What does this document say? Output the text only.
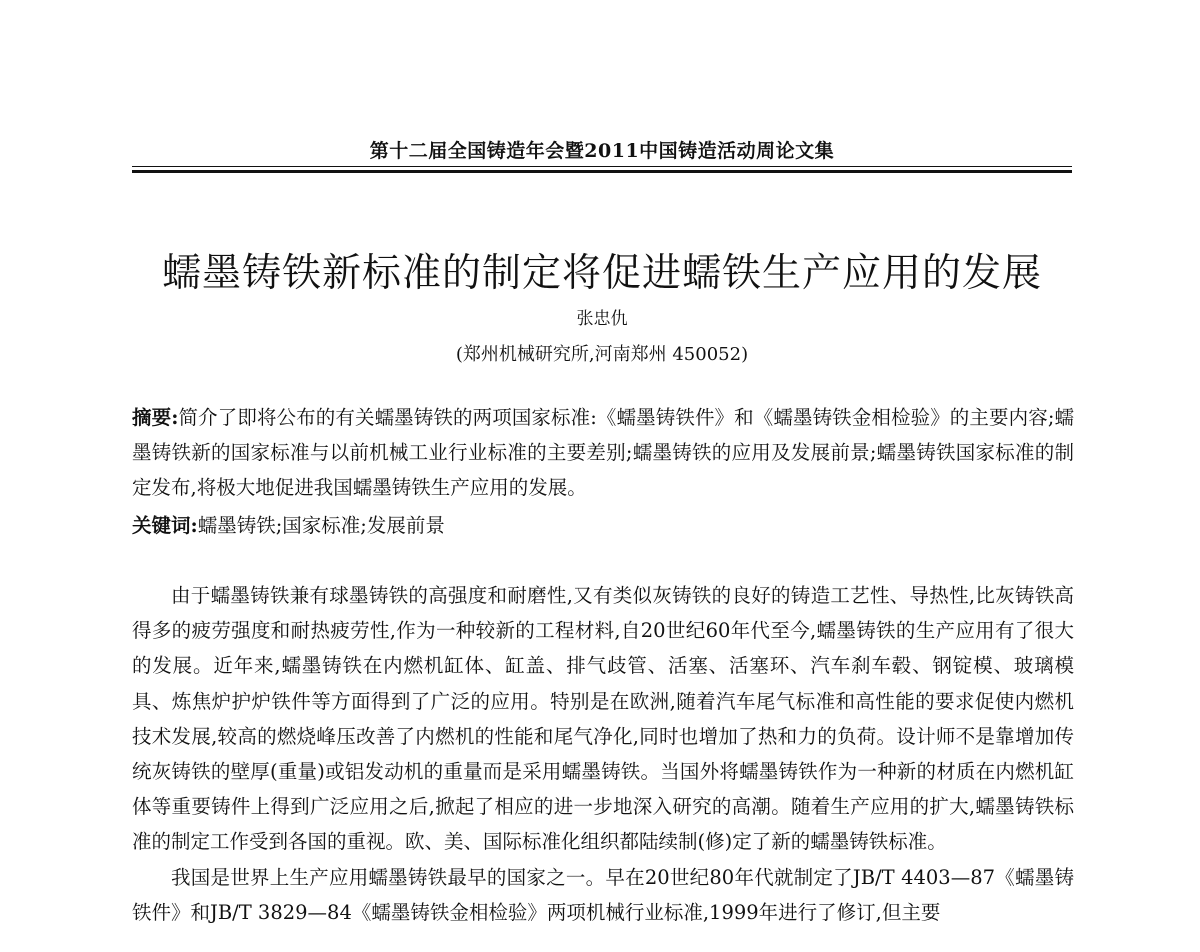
第十二届全国铸造年会暨2011中国铸造活动周论文集
蠕墨铸铁新标准的制定将促进蠕铁生产应用的发展
张忠仇
(郑州机械研究所,河南郑州 450052)
摘要:简介了即将公布的有关蠕墨铸铁的两项国家标准:《蠕墨铸铁件》和《蠕墨铸铁金相检验》的主要内容;蠕墨铸铁新的国家标准与以前机械工业行业标准的主要差别;蠕墨铸铁的应用及发展前景;蠕墨铸铁国家标准的制定发布,将极大地促进我国蠕墨铸铁生产应用的发展。
关键词:蠕墨铸铁;国家标准;发展前景

由于蠕墨铸铁兼有球墨铸铁的高强度和耐磨性,又有类似灰铸铁的良好的铸造工艺性、导热性,比灰铸铁高得多的疲劳强度和耐热疲劳性,作为一种较新的工程材料,自20世纪60年代至今,蠕墨铸铁的生产应用有了很大的发展。近年来,蠕墨铸铁在内燃机缸体、缸盖、排气歧管、活塞、活塞环、汽车刹车毂、钢锭模、玻璃模具、炼焦炉护炉铁件等方面得到了广泛的应用。特别是在欧洲,随着汽车尾气标准和高性能的要求促使内燃机技术发展,较高的燃烧峰压改善了内燃机的性能和尾气净化,同时也增加了热和力的负荷。设计师不是靠增加传统灰铸铁的壁厚(重量)或铝发动机的重量而是采用蠕墨铸铁。当国外将蠕墨铸铁作为一种新的材质在内燃机缸体等重要铸件上得到广泛应用之后,掀起了相应的进一步地深入研究的高潮。随着生产应用的扩大,蠕墨铸铁标准的制定工作受到各国的重视。欧、美、国际标准化组织都陆续制(修)定了新的蠕墨铸铁标准。

我国是世界上生产应用蠕墨铸铁最早的国家之一。早在20世纪80年代就制定了JB/T 4403—87《蠕墨铸铁件》和JB/T 3829—84《蠕墨铸铁金相检验》两项机械行业标准,1999年进行了修订,但主要
